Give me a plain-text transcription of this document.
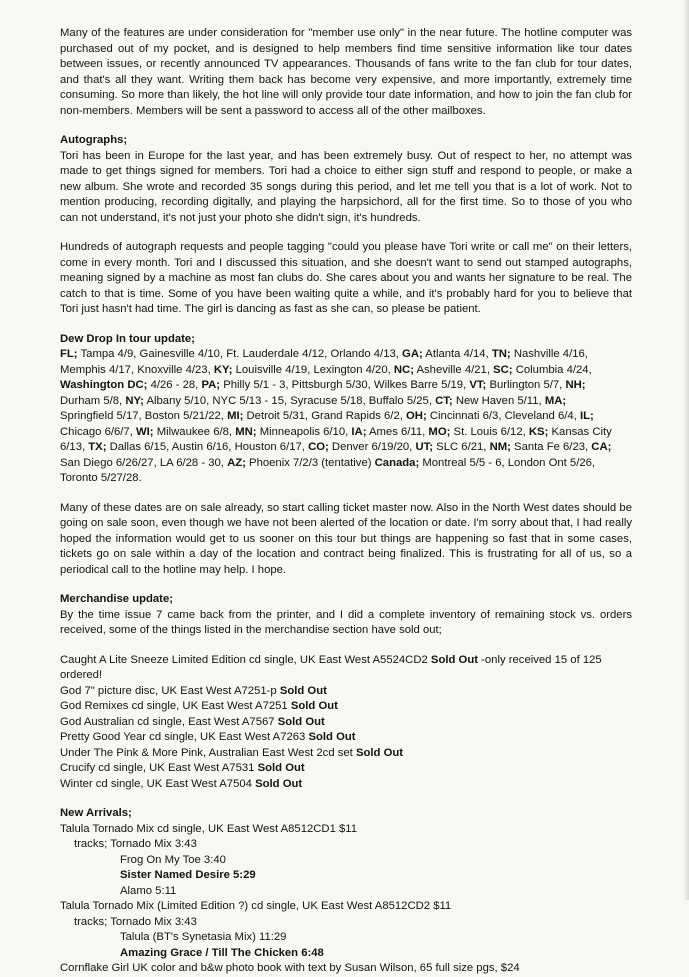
Many of the features are under consideration for "member use only" in the near future. The hotline computer was purchased out of my pocket, and is designed to help members find time sensitive information like tour dates between issues, or recently announced TV appearances. Thousands of fans write to the fan club for tour dates, and that's all they want. Writing them back has become very expensive, and more importantly, extremely time consuming. So more than likely, the hot line will only provide tour date information, and how to join the fan club for non-members. Members will be sent a password to access all of the other mailboxes.

Autographs;

Tori has been in Europe for the last year, and has been extremely busy. Out of respect to her, no attempt was made to get things signed for members. Tori had a choice to either sign stuff and respond to people, or make a new album. She wrote and recorded 35 songs during this period, and let me tell you that is a lot of work. Not to mention producing, recording digitally, and playing the harpsichord, all for the first time. So to those of you who can not understand, it's not just your photo she didn't sign, it's hundreds.

Hundreds of autograph requests and people tagging "could you please have Tori write or call me" on their letters, come in every month. Tori and I discussed this situation, and she doesn't want to send out stamped autographs, meaning signed by a machine as most fan clubs do. She cares about you and wants her signature to be real. The catch to that is time. Some of you have been waiting quite a while, and it's probably hard for you to believe that Tori just hasn't had time. The girl is dancing as fast as she can, so please be patient.

Dew Drop In tour update;

FL; Tampa 4/9, Gainesville 4/10, Ft. Lauderdale 4/12, Orlando 4/13, GA; Atlanta 4/14, TN; Nashville 4/16,

Memphis 4/17, Knoxville 4/23, KY; Louisville 4/19, Lexington 4/20, NC; Asheville 4/21, SC; Columbia 4/24,

Washington DC; 4/26 - 28, PA; Philly 5/1 - 3, Pittsburgh 5/30, Wilkes Barre 5/19, VT; Burlington 5/7, NH;

Durham 5/8, NY; Albany 5/10, NYC 5/13 - 15, Syracuse 5/18, Buffalo 5/25, CT; New Haven 5/11, MA;

Springfield 5/17, Boston 5/21/22, MI; Detroit 5/31, Grand Rapids 6/2, OH; Cincinnati 6/3, Cleveland 6/4, IL;

Chicago 6/6/7, WI; Milwaukee 6/8, MN; Minneapolis 6/10, IA; Ames 6/11, MO; St. Louis 6/12, KS; Kansas City

6/13, TX; Dallas 6/15, Austin 6/16, Houston 6/17, CO; Denver 6/19/20, UT; SLC 6/21, NM; Santa Fe 6/23, CA;

San Diego 6/26/27, LA 6/28 - 30, AZ; Phoenix 7/2/3 (tentative) Canada; Montreal 5/5 - 6, London Ont 5/26,

Toronto 5/27/28.

Many of these dates are on sale already, so start calling ticket master now. Also in the North West dates should be going on sale soon, even though we have not been alerted of the location or date. I'm sorry about that, I had really hoped the information would get to us sooner on this tour but things are happening so fast that in some cases, tickets go on sale within a day of the location and contract being finalized. This is frustrating for all of us, so a periodical call to the hotline may help. I hope.

Merchandise update;

By the time issue 7 came back from the printer, and I did a complete inventory of remaining stock vs. orders received, some of the things listed in the merchandise section have sold out;

Caught A Lite Sneeze Limited Edition cd single, UK East West A5524CD2 Sold Out -only received 15 of 125 ordered!

God 7" picture disc, UK East West A7251-p Sold Out

God Remixes cd single, UK East West A7251 Sold Out

God Australian cd single, East West A7567 Sold Out

Pretty Good Year cd single, UK East West A7263 Sold Out

Under The Pink & More Pink, Australian East West 2cd set Sold Out

Crucify cd single, UK East West A7531 Sold Out

Winter cd single, UK East West A7504 Sold Out

New Arrivals;

Talula Tornado Mix cd single, UK East West A8512CD1 $11

tracks; Tornado Mix 3:43

Frog On My Toe 3:40

Sister Named Desire 5:29

Alamo 5:11

Talula Tornado Mix (Limited Edition ?) cd single, UK East West A8512CD2 $11

tracks; Tornado Mix 3:43

Talula (BT's Synetasia Mix) 11:29

Amazing Grace / Till The Chicken 6:48

Cornflake Girl UK color and b&w photo book with text by Susan Wilson, 65 full size pgs, $24
